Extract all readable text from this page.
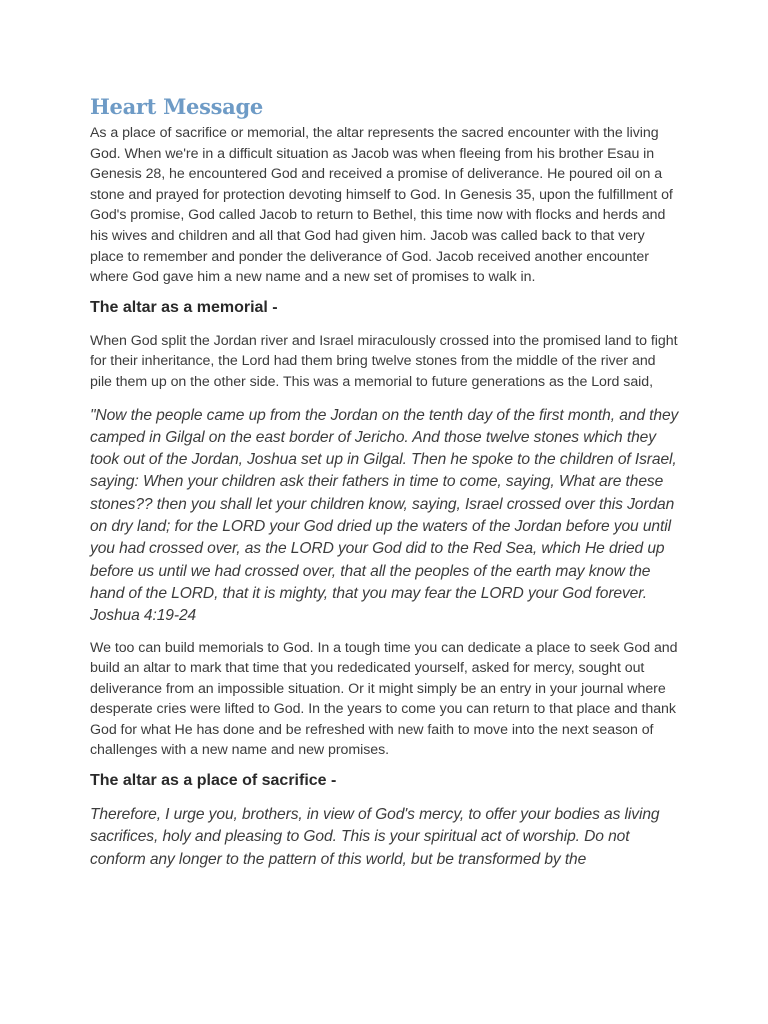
Heart Message

As a place of sacrifice or memorial, the altar represents the sacred encounter with the living God. When we're in a difficult situation as Jacob was when fleeing from his brother Esau in Genesis 28, he encountered God and received a promise of deliverance. He poured oil on a stone and prayed for protection devoting himself to God. In Genesis 35, upon the fulfillment of God's promise, God called Jacob to return to Bethel, this time now with flocks and herds and his wives and children and all that God had given him. Jacob was called back to that very place to remember and ponder the deliverance of God. Jacob received another encounter where God gave him a new name and a new set of promises to walk in.

The altar as a memorial -

When God split the Jordan river and Israel miraculously crossed into the promised land to fight for their inheritance, the Lord had them bring twelve stones from the middle of the river and pile them up on the other side. This was a memorial to future generations as the Lord said,

"Now the people came up from the Jordan on the tenth day of the first month, and they camped in Gilgal on the east border of Jericho. And those twelve stones which they took out of the Jordan, Joshua set up in Gilgal. Then he spoke to the children of Israel, saying: When your children ask their fathers in time to come, saying, What are these stones?? then you shall let your children know, saying, Israel crossed over this Jordan on dry land; for the LORD your God dried up the waters of the Jordan before you until you had crossed over, as the LORD your God did to the Red Sea, which He dried up before us until we had crossed over, that all the peoples of the earth may know the hand of the LORD, that it is mighty, that you may fear the LORD your God forever. Joshua 4:19-24

We too can build memorials to God. In a tough time you can dedicate a place to seek God and build an altar to mark that time that you rededicated yourself, asked for mercy, sought out deliverance from an impossible situation. Or it might simply be an entry in your journal where desperate cries were lifted to God. In the years to come you can return to that place and thank God for what He has done and be refreshed with new faith to move into the next season of challenges with a new name and new promises.

The altar as a place of sacrifice -

Therefore, I urge you, brothers, in view of God's mercy, to offer your bodies as living sacrifices, holy and pleasing to God. This is your spiritual act of worship. Do not conform any longer to the pattern of this world, but be transformed by the
